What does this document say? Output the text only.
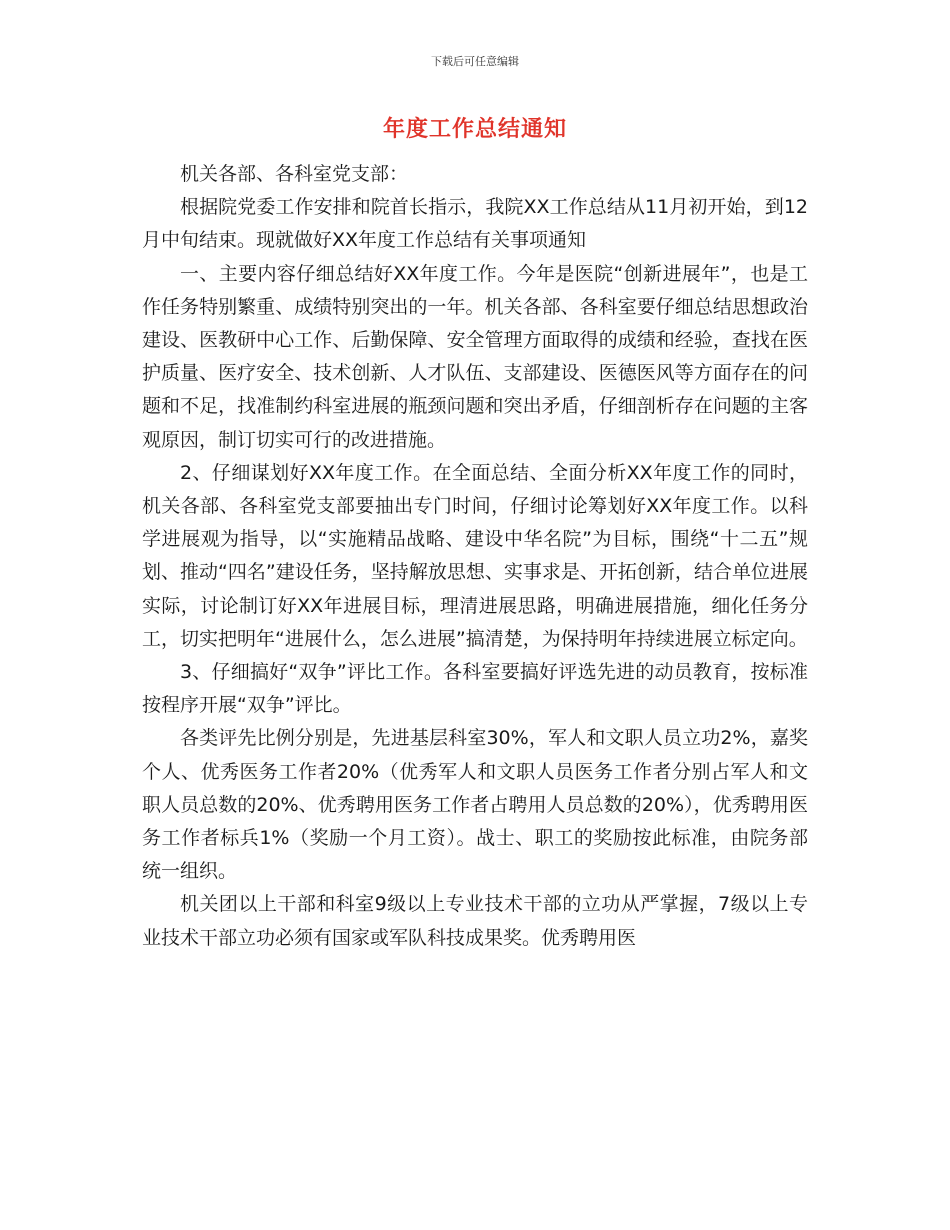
下载后可任意编辑
年度工作总结通知

机关各部、各科室党支部：

根据院党委工作安排和院首长指示，我院XX工作总结从11月初开始，到12月中旬结束。现就做好XX年度工作总结有关事项通知

一、主要内容仔细总结好XX年度工作。今年是医院“创新进展年”，也是工作任务特别繁重、成绩特别突出的一年。机关各部、各科室要仔细总结思想政治建设、医教研中心工作、后勤保障、安全管理方面取得的成绩和经验，查找在医护质量、医疗安全、技术创新、人才队伍、支部建设、医德医风等方面存在的问题和不足，找准制约科室进展的瓶颈问题和突出矛盾，仔细剖析存在问题的主客观原因，制订切实可行的改进措施。

2、仔细谋划好XX年度工作。在全面总结、全面分析XX年度工作的同时，机关各部、各科室党支部要抽出专门时间，仔细讨论筹划好XX年度工作。以科学进展观为指导，以“实施精品战略、建设中华名院”为目标，围绕“十二五”规划、推动“四名”建设任务，坚持解放思想、实事求是、开拓创新，结合单位进展实际，讨论制订好XX年进展目标，理清进展思路，明确进展措施，细化任务分工，切实把明年“进展什么，怎么进展”搞清楚，为保持明年持续进展立标定向。

3、仔细搞好“双争”评比工作。各科室要搞好评选先进的动员教育，按标准按程序开展“双争”评比。

各类评先比例分别是，先进基层科室30%，军人和文职人员立功2%，嘉奖个人、优秀医务工作者20%（优秀军人和文职人员医务工作者分别占军人和文职人员总数的20%、优秀聘用医务工作者占聘用人员总数的20%），优秀聘用医务工作者标兵1%（奖励一个月工资）。战士、职工的奖励按此标准，由院务部统一组织。

机关团以上干部和科室9级以上专业技术干部的立功从严掌握，7级以上专业技术干部立功必须有国家或军队科技成果奖。优秀聘用医
